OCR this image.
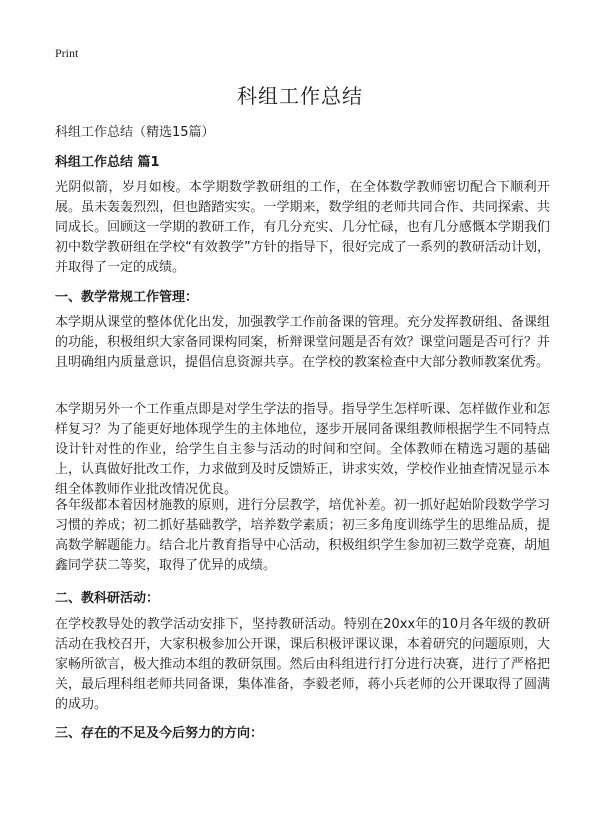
Print
科组工作总结
科组工作总结（精选15篇）
科组工作总结 篇1
光阴似箭，岁月如梭。本学期数学教研组的工作，在全体数学教师密切配合下顺利开展。虽未轰轰烈烈，但也踏踏实实。一学期来，数学组的老师共同合作、共同探索、共同成长。回顾这一学期的教研工作，有几分充实、几分忙碌，也有几分感慨本学期我们初中数学教研组在学校“有效教学”方针的指导下，很好完成了一系列的教研活动计划，并取得了一定的成绩。
一、教学常规工作管理：
本学期从课堂的整体优化出发，加强教学工作前备课的管理。充分发挥教研组、备课组的功能，积极组织大家备同课构同案，析辩课堂问题是否有效？课堂问题是否可行？并且明确组内质量意识，提倡信息资源共享。在学校的教案检查中大部分教师教案优秀。
本学期另外一个工作重点即是对学生学法的指导。指导学生怎样听课、怎样做作业和怎样复习？为了能更好地体现学生的主体地位，逐步开展同备课组教师根据学生不同特点设计针对性的作业，给学生自主参与活动的时间和空间。全体教师在精选习题的基础上，认真做好批改工作，力求做到及时反馈矫正，讲求实效，学校作业抽查情况显示本组全体教师作业批改情况优良。
各年级都本着因材施教的原则，进行分层教学，培优补差。初一抓好起始阶段数学学习习惯的养成；初二抓好基础教学，培养数学素质；初三多角度训练学生的思维品质，提高数学解题能力。结合北片教育指导中心活动，积极组织学生参加初三数学竞赛，胡旭鑫同学获二等奖，取得了优异的成绩。
二、教科研活动：
在学校教导处的教学活动安排下，坚持教研活动。特别在20xx年的10月各年级的教研活动在我校召开，大家积极参加公开课，课后积极评课议课，本着研究的问题原则，大家畅所欲言，极大推动本组的教研氛围。然后由科组进行打分进行决赛，进行了严格把关，最后理科组老师共同备课，集体准备，李毅老师，蒋小兵老师的公开课取得了圆满的成功。
三、存在的不足及今后努力的方向：
